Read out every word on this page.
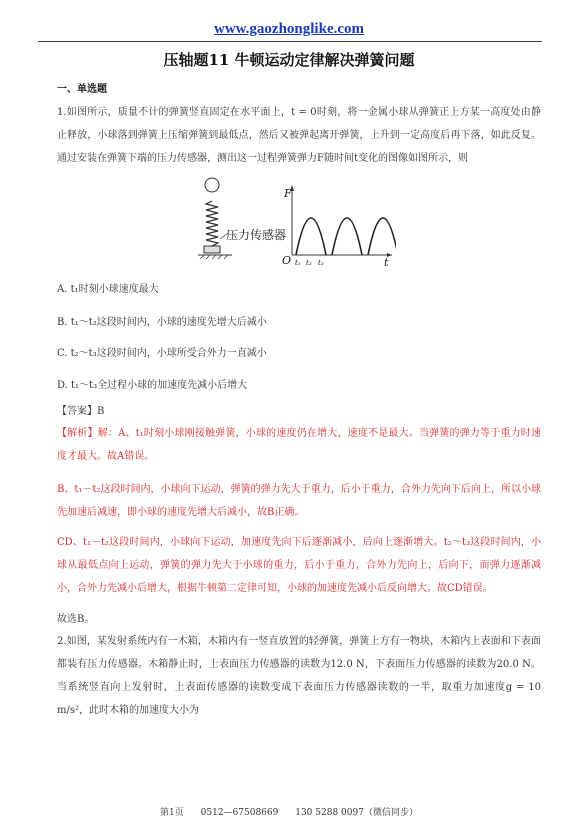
www.gaozhonglike.com
压轴题11 牛顿运动定律解决弹簧问题
一、单选题
1.如图所示，质量不计的弹簧竖直固定在水平面上，t = 0时刻，将一金属小球从弹簧正上方某一高度处由静止释放，小球落到弹簧上压缩弹簧到最低点，然后又被弹起离开弹簧，上升到一定高度后再下落，如此反复。通过安装在弹簧下端的压力传感器，测出这一过程弹簧弹力F随时间t变化的图像如图所示，则
压力传感器
F
t
O t₁ t₂ t₃
A. t₁时刻小球速度最大
B. t₁～t₂这段时间内，小球的速度先增大后减小
C. t₂～t₃这段时间内，小球所受合外力一直减小
D. t₁～t₃全过程小球的加速度先减小后增大
【答案】B
【解析】解：A、t₁时刻小球刚接触弹簧，小球的速度仍在增大，速度不是最大。当弹簧的弹力等于重力时速度才最大。故A错误。
B、t₁－t₂这段时间内，小球向下运动，弹簧的弹力先大于重力，后小于重力，合外力先向下后向上，所以小球先加速后减速，即小球的速度先增大后减小，故B正确。
CD、t₁－t₂这段时间内，小球向下运动，加速度先向下后逐渐减小，后向上逐渐增大。t₂～t₃这段时间内，小球从最低点向上运动，弹簧的弹力先大于小球的重力，后小于重力，合外力先向上，后向下，而弹力逐渐减小，合外力先减小后增大，根据牛顿第二定律可知，小球的加速度先减小后反向增大。故CD错误。
故选B。
2.如图，某发射系统内有一木箱，木箱内有一竖直放置的轻弹簧，弹簧上方有一物块，木箱内上表面和下表面都装有压力传感器。木箱静止时，上表面压力传感器的读数为12.0 N，下表面压力传感器的读数为20.0 N。当系统竖直向上发射时，上表面传感器的读数变成下表面压力传感器读数的一半，取重力加速度g = 10 m/s²，此时木箱的加速度大小为
第1页 0512—67508669 130 5288 0097（微信同步）
